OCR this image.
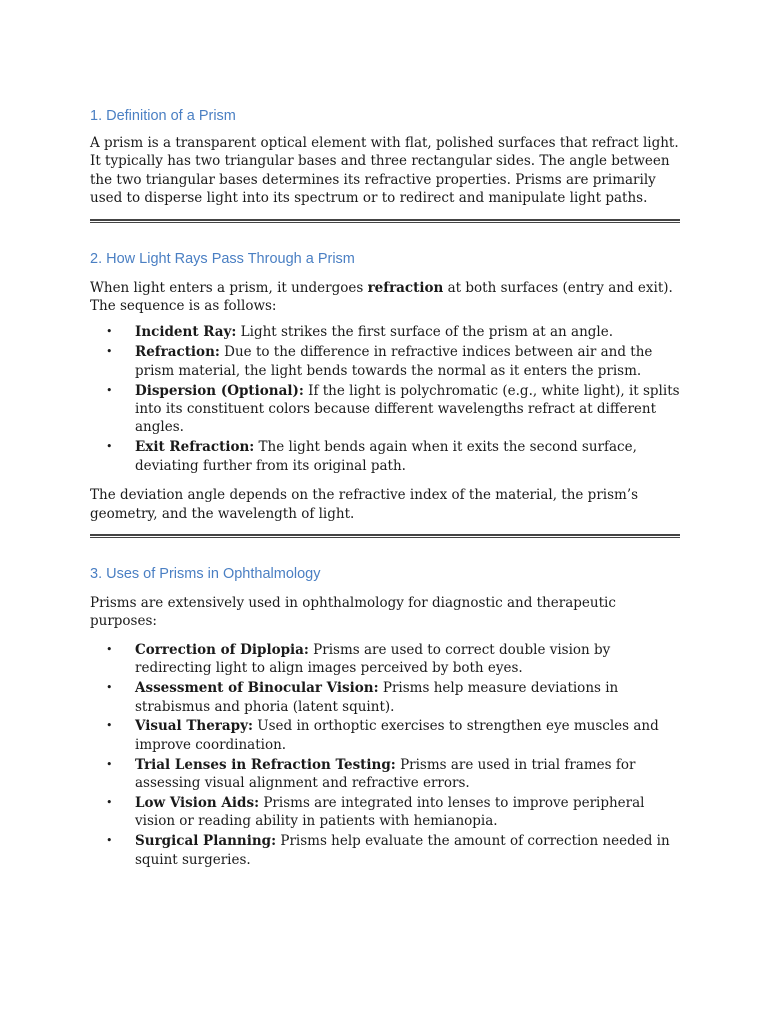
1. Definition of a Prism

A prism is a transparent optical element with flat, polished surfaces that refract light. It typically has two triangular bases and three rectangular sides. The angle between the two triangular bases determines its refractive properties. Prisms are primarily used to disperse light into its spectrum or to redirect and manipulate light paths.

2. How Light Rays Pass Through a Prism

When light enters a prism, it undergoes refraction at both surfaces (entry and exit). The sequence is as follows:

• Incident Ray: Light strikes the first surface of the prism at an angle.
• Refraction: Due to the difference in refractive indices between air and the prism material, the light bends towards the normal as it enters the prism.
• Dispersion (Optional): If the light is polychromatic (e.g., white light), it splits into its constituent colors because different wavelengths refract at different angles.
• Exit Refraction: The light bends again when it exits the second surface, deviating further from its original path.

The deviation angle depends on the refractive index of the material, the prism’s geometry, and the wavelength of light.

3. Uses of Prisms in Ophthalmology

Prisms are extensively used in ophthalmology for diagnostic and therapeutic purposes:

• Correction of Diplopia: Prisms are used to correct double vision by redirecting light to align images perceived by both eyes.
• Assessment of Binocular Vision: Prisms help measure deviations in strabismus and phoria (latent squint).
• Visual Therapy: Used in orthoptic exercises to strengthen eye muscles and improve coordination.
• Trial Lenses in Refraction Testing: Prisms are used in trial frames for assessing visual alignment and refractive errors.
• Low Vision Aids: Prisms are integrated into lenses to improve peripheral vision or reading ability in patients with hemianopia.
• Surgical Planning: Prisms help evaluate the amount of correction needed in squint surgeries.
